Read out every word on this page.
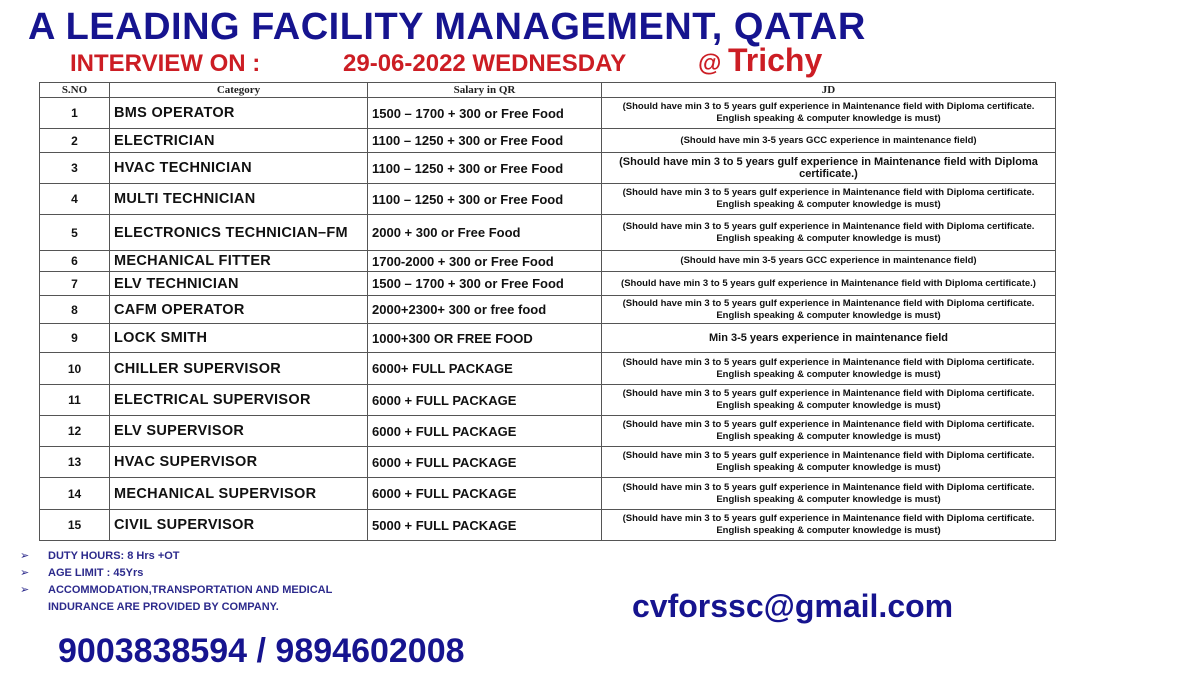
A LEADING FACILITY MANAGEMENT, QATAR
INTERVIEW ON :	29-06-2022 WEDNESDAY	@ Trichy
S.NO	Category	Salary in QR	JD
1	BMS OPERATOR	1500 – 1700 + 300 or Free Food	(Should have min 3 to 5 years gulf experience in Maintenance field with Diploma certificate. English speaking & computer knowledge is must)
2	ELECTRICIAN	1100 – 1250 + 300 or Free Food	(Should have min 3-5 years GCC experience in maintenance field)
3	HVAC TECHNICIAN	1100 – 1250 + 300 or Free Food	(Should have min 3 to 5 years gulf experience in Maintenance field with Diploma certificate.)
4	MULTI TECHNICIAN	1100 – 1250 + 300 or Free Food	(Should have min 3 to 5 years gulf experience in Maintenance field with Diploma certificate. English speaking & computer knowledge is must)
5	ELECTRONICS TECHNICIAN–FM	2000 + 300 or Free Food	(Should have min 3 to 5 years gulf experience in Maintenance field with Diploma certificate. English speaking & computer knowledge is must)
6	MECHANICAL FITTER	1700-2000 + 300 or Free Food	(Should have min 3-5 years GCC experience in maintenance field)
7	ELV TECHNICIAN	1500 – 1700 + 300 or Free Food	(Should have min 3 to 5 years gulf experience in Maintenance field with Diploma certificate.)
8	CAFM OPERATOR	2000+2300+ 300 or free food	(Should have min 3 to 5 years gulf experience in Maintenance field with Diploma certificate. English speaking & computer knowledge is must)
9	LOCK SMITH	1000+300 OR FREE FOOD	Min 3-5 years experience in maintenance field
10	CHILLER SUPERVISOR	6000+ FULL PACKAGE	(Should have min 3 to 5 years gulf experience in Maintenance field with Diploma certificate. English speaking & computer knowledge is must)
11	ELECTRICAL SUPERVISOR	6000 + FULL PACKAGE	(Should have min 3 to 5 years gulf experience in Maintenance field with Diploma certificate. English speaking & computer knowledge is must)
12	ELV SUPERVISOR	6000 + FULL PACKAGE	(Should have min 3 to 5 years gulf experience in Maintenance field with Diploma certificate. English speaking & computer knowledge is must)
13	HVAC SUPERVISOR	6000 + FULL PACKAGE	(Should have min 3 to 5 years gulf experience in Maintenance field with Diploma certificate. English speaking & computer knowledge is must)
14	MECHANICAL SUPERVISOR	6000 + FULL PACKAGE	(Should have min 3 to 5 years gulf experience in Maintenance field with Diploma certificate. English speaking & computer knowledge is must)
15	CIVIL SUPERVISOR	5000 + FULL PACKAGE	(Should have min 3 to 5 years gulf experience in Maintenance field with Diploma certificate. English speaking & computer knowledge is must)
➢ DUTY HOURS: 8 Hrs +OT
➢ AGE LIMIT : 45Yrs
➢ ACCOMMODATION,TRANSPORTATION AND MEDICAL
INDURANCE ARE PROVIDED BY COMPANY.	cvforssc@gmail.com
9003838594 / 9894602008
